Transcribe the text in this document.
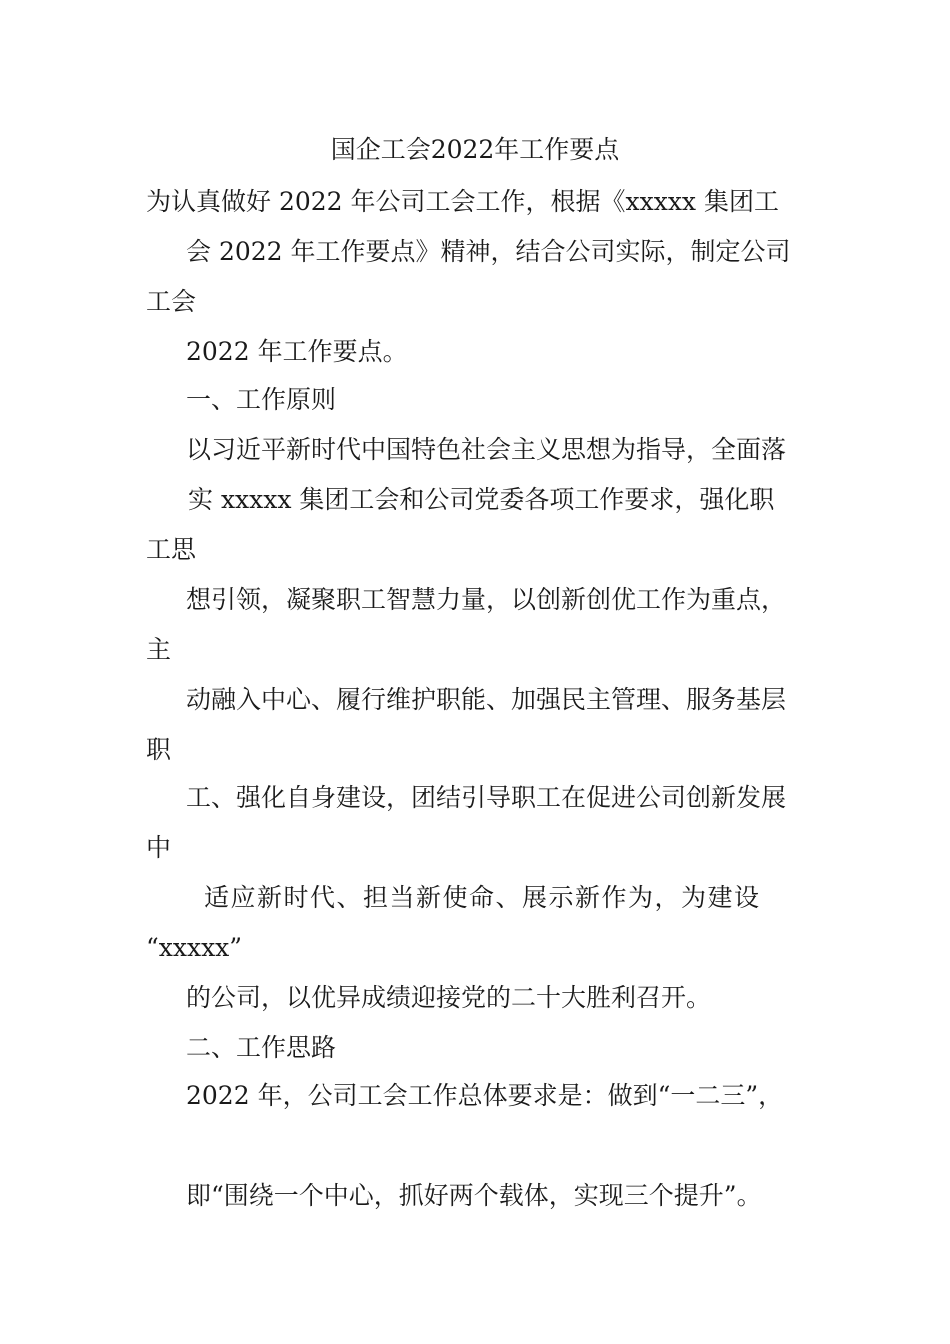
国企工会2022年工作要点

为认真做好 2022 年公司工会工作，根据《xxxxx 集团工

会 2022 年工作要点》精神，结合公司实际，制定公司

工会

2022 年工作要点。

一、工作原则

以习近平新时代中国特色社会主义思想为指导，全面落

实 xxxxx 集团工会和公司党委各项工作要求，强化职

工思

想引领，凝聚职工智慧力量，以创新创优工作为重点，

主

动融入中心、履行维护职能、加强民主管理、服务基层

职

工、强化自身建设，团结引导职工在促进公司创新发展

中

适应新时代、担当新使命、展示新作为，为建设

“xxxxx”

的公司，以优异成绩迎接党的二十大胜利召开。

二、工作思路

2022 年，公司工会工作总体要求是：做到“一二三”，

即“围绕一个中心，抓好两个载体，实现三个提升”。
